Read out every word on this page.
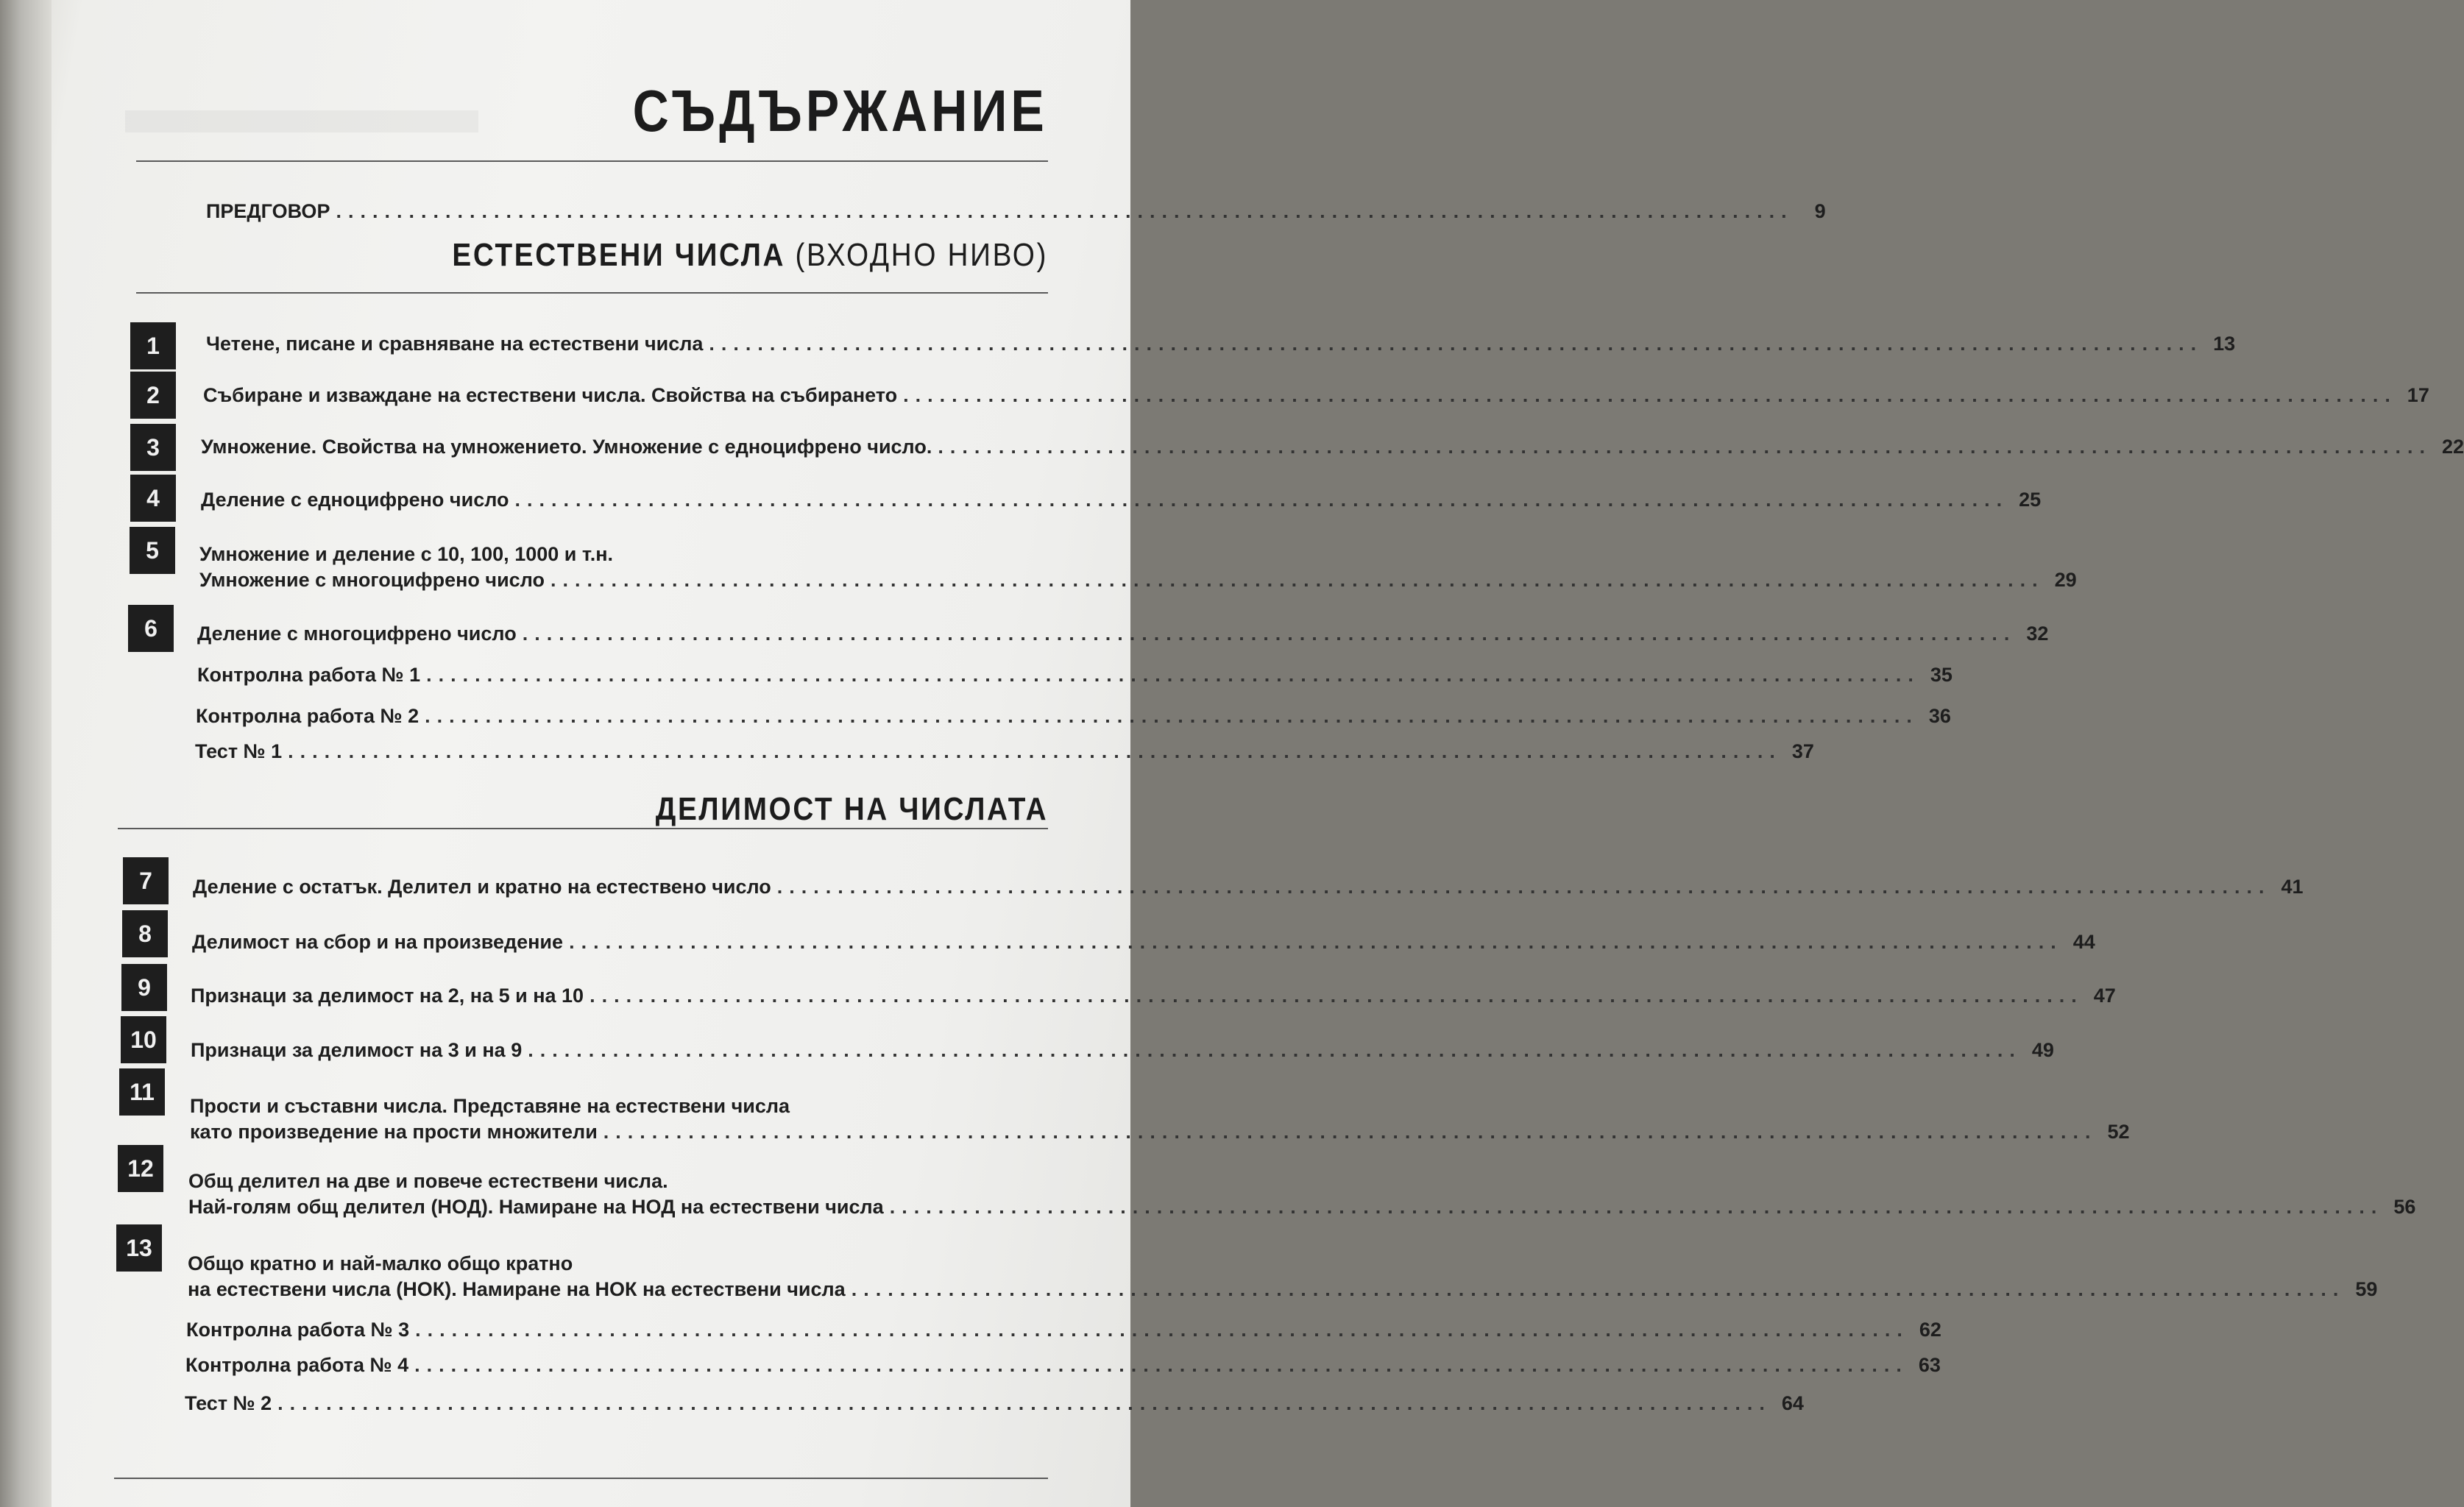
СЪДЪРЖАНИЕ
ПРЕДГОВОР ........................................................................................................................	9
ЕСТЕСТВЕНИ ЧИСЛА (ВХОДНО НИВО)
ДЕЛИМОСТ НА ЧИСЛАТА
1	Четене, писане и сравняване на естествени числа ........................................................................................................................... 13
2	Събиране и изваждане на естествени числа. Свойства на събирането ........................................................................................................................... 17
3	Умножение. Свойства на умножението. Умножение с едноцифрено число. ........................................................................................................................... 22
4	Деление с едноцифрено число ........................................................................................................................... 25
5	Умножение и деление с 10, 100, 1000 и т.н.
Умножение с многоцифрено число ........................................................................................................................... 29
6	Деление с многоцифрено число ........................................................................................................................... 32
Контролна работа № 1 ........................................................................................................................... 35
Контролна работа № 2 ........................................................................................................................... 36
Тест № 1 ........................................................................................................................... 37
7	Деление с остатък. Делител и кратно на естествено число ........................................................................................................................... 41
8	Делимост на сбор и на произведение ........................................................................................................................... 44
9	Признаци за делимост на 2, на 5 и на 10 ........................................................................................................................... 47
10	Признаци за делимост на 3 и на 9 ........................................................................................................................... 49
11
Прости и съставни числа. Представяне на естествени числа
като произведение на прости множители ........................................................................................................................... 52
12	Общ делител на две и повече естествени числа.
Най-голям общ делител (НОД). Намиране на НОД на естествени числа ........................................................................................................................... 56
13
Общо кратно и най-малко общо кратно
на естествени числа (НОК). Намиране на НОК на естествени числа ........................................................................................................................... 59
Контролна работа № 3 ........................................................................................................................... 62
Контролна работа № 4 ........................................................................................................................... 63
Тест № 2 ........................................................................................................................... 64
